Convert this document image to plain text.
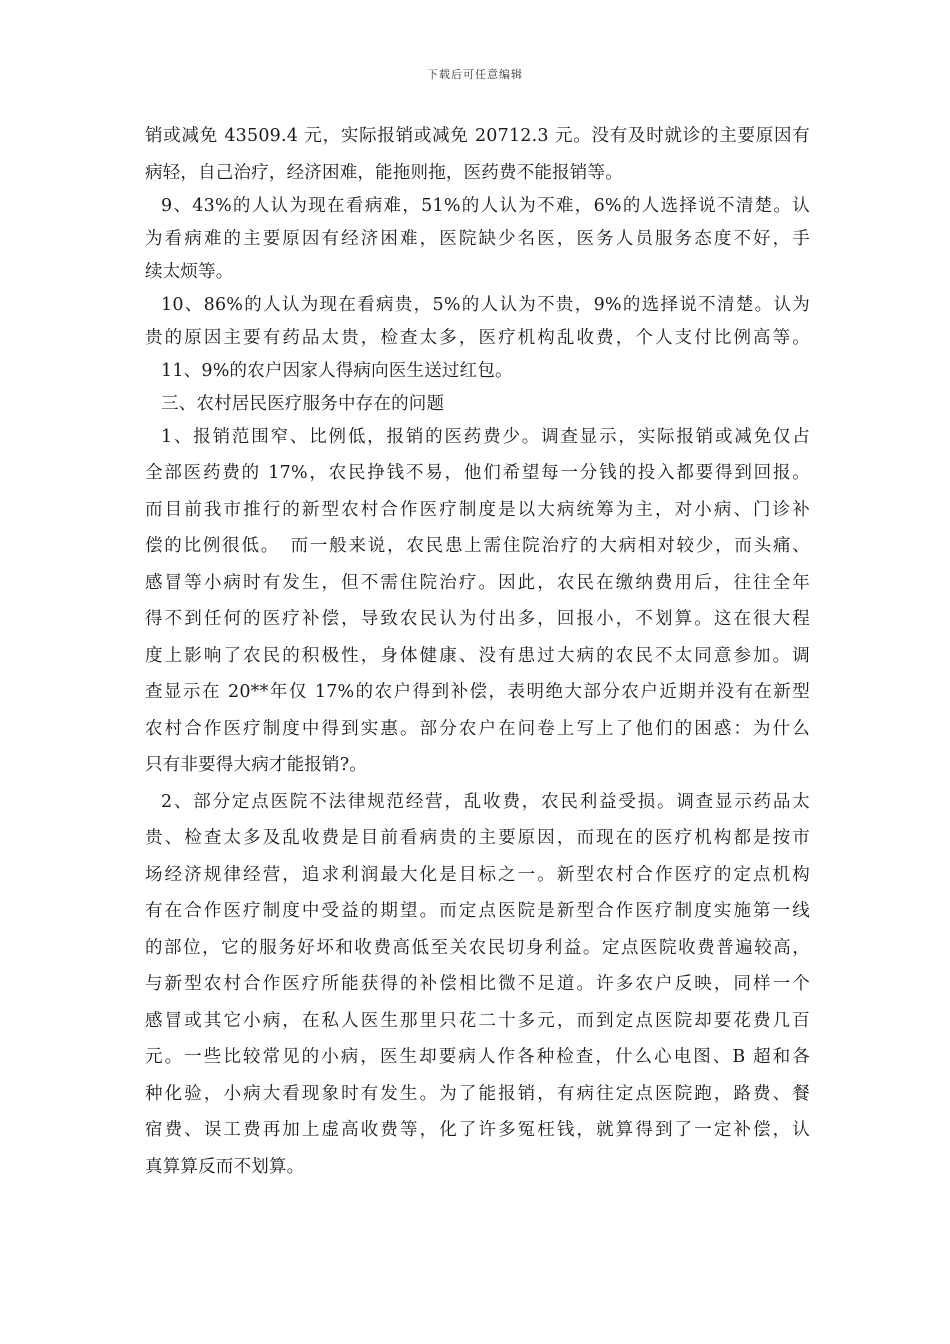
下载后可任意编辑
销或减免 43509.4 元，实际报销或减免 20712.3 元。没有及时就诊的主要原因有
病轻，自己治疗，经济困难，能拖则拖，医药费不能报销等。
9、43%的人认为现在看病难，51%的人认为不难，6%的人选择说不清楚。认
为看病难的主要原因有经济困难，医院缺少名医，医务人员服务态度不好，手
续太烦等。
10、86%的人认为现在看病贵，5%的人认为不贵，9%的选择说不清楚。认为
贵的原因主要有药品太贵，检查太多，医疗机构乱收费，个人支付比例高等。
11、9%的农户因家人得病向医生送过红包。
三、农村居民医疗服务中存在的问题
1、报销范围窄、比例低，报销的医药费少。调查显示，实际报销或减免仅占
全部医药费的 17%，农民挣钱不易，他们希望每一分钱的投入都要得到回报。
而目前我市推行的新型农村合作医疗制度是以大病统筹为主，对小病、门诊补
偿的比例很低。　而一般来说，农民患上需住院治疗的大病相对较少，而头痛、
感冒等小病时有发生，但不需住院治疗。因此，农民在缴纳费用后，往往全年
得不到任何的医疗补偿，导致农民认为付出多，回报小，不划算。这在很大程
度上影响了农民的积极性，身体健康、没有患过大病的农民不太同意参加。调
查显示在 20**年仅 17%的农户得到补偿，表明绝大部分农户近期并没有在新型
农村合作医疗制度中得到实惠。部分农户在问卷上写上了他们的困惑：为什么
只有非要得大病才能报销?。
2、部分定点医院不法律规范经营，乱收费，农民利益受损。调查显示药品太
贵、检查太多及乱收费是目前看病贵的主要原因，而现在的医疗机构都是按市
场经济规律经营，追求利润最大化是目标之一。新型农村合作医疗的定点机构
有在合作医疗制度中受益的期望。而定点医院是新型合作医疗制度实施第一线
的部位，它的服务好坏和收费高低至关农民切身利益。定点医院收费普遍较高，
与新型农村合作医疗所能获得的补偿相比微不足道。许多农户反映，同样一个
感冒或其它小病，在私人医生那里只花二十多元，而到定点医院却要花费几百
元。一些比较常见的小病，医生却要病人作各种检查，什么心电图、B 超和各
种化验，小病大看现象时有发生。为了能报销，有病往定点医院跑，路费、餐
宿费、误工费再加上虚高收费等，化了许多冤枉钱，就算得到了一定补偿，认
真算算反而不划算。
